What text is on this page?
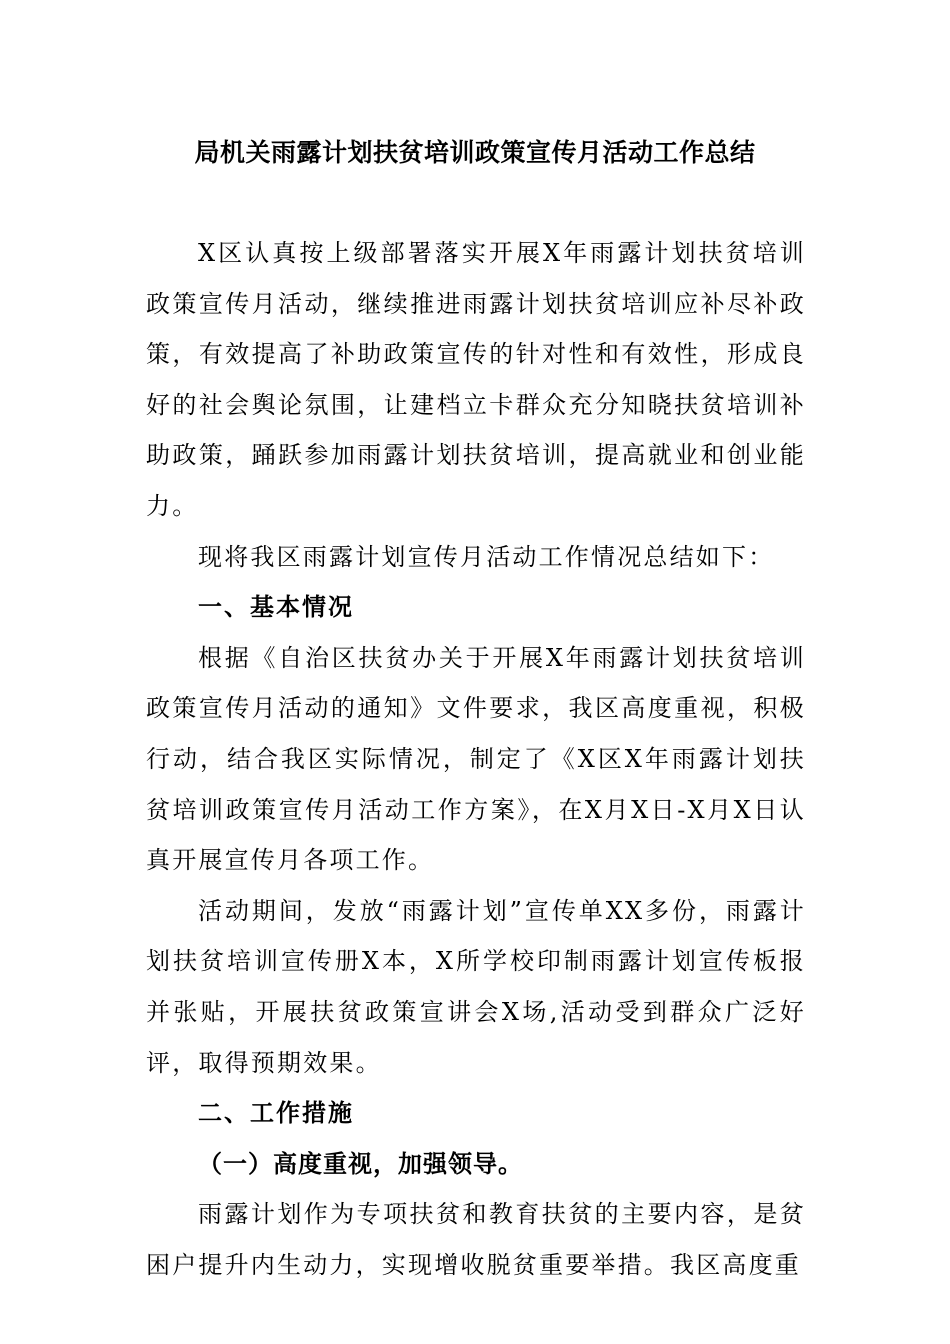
局机关雨露计划扶贫培训政策宣传月活动工作总结

X区认真按上级部署落实开展X年雨露计划扶贫培训政策宣传月活动，继续推进雨露计划扶贫培训应补尽补政策，有效提高了补助政策宣传的针对性和有效性，形成良好的社会舆论氛围，让建档立卡群众充分知晓扶贫培训补助政策，踊跃参加雨露计划扶贫培训，提高就业和创业能力。

现将我区雨露计划宣传月活动工作情况总结如下：

一、基本情况

根据《自治区扶贫办关于开展X年雨露计划扶贫培训政策宣传月活动的通知》文件要求，我区高度重视，积极行动，结合我区实际情况，制定了《X区X年雨露计划扶贫培训政策宣传月活动工作方案》，在X月X日-X月X日认真开展宣传月各项工作。

活动期间，发放“雨露计划”宣传单XX多份，雨露计划扶贫培训宣传册X本，X所学校印制雨露计划宣传板报并张贴，开展扶贫政策宣讲会X场,活动受到群众广泛好评，取得预期效果。

二、工作措施

（一）高度重视，加强领导。

雨露计划作为专项扶贫和教育扶贫的主要内容，是贫困户提升内生动力，实现增收脱贫重要举措。我区高度重
